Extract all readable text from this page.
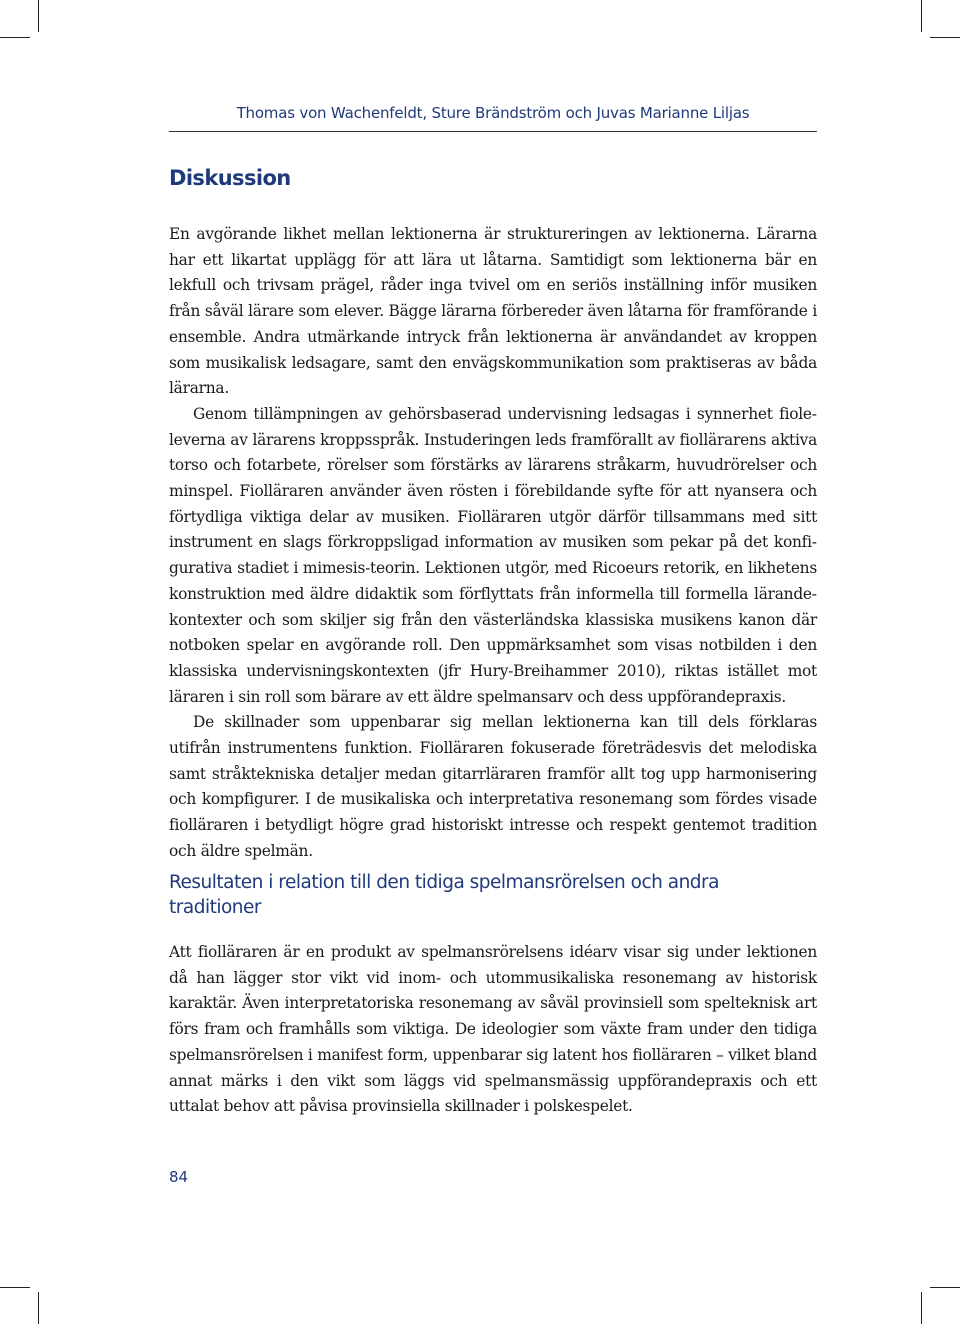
Thomas von Wachenfeldt, Sture Brändström och Juvas Marianne Liljas
Diskussion

En avgörande likhet mellan lektionerna är struktureringen av lektionerna. Lärarna har ett likartat upplägg för att lära ut låtarna. Samtidigt som lektionerna bär en lekfull och trivsam prägel, råder inga tvivel om en seriös inställning inför musiken från såväl lärare som elever. Bägge lärarna förbereder även låtarna för framförande i ensemble. Andra utmärkande intryck från lektionerna är användandet av kroppen som musikalisk ledsagare, samt den envägskommunikation som praktiseras av båda lärarna.

Genom tillämpningen av gehörsbaserad undervisning ledsagas i synnerhet fioleleverna av lärarens kroppsspråk. Instuderingen leds framförallt av fiollärarens aktiva torso och fotarbete, rörelser som förstärks av lärarens stråkarm, huvudrörelser och minspel. Fiolläraren använder även rösten i förebildande syfte för att nyansera och förtydliga viktiga delar av musiken. Fiolläraren utgör därför tillsammans med sitt instrument en slags förkroppsligad information av musiken som pekar på det konfigurativa stadiet i mimesis-teorin. Lektionen utgör, med Ricoeurs retorik, en likhetens konstruktion med äldre didaktik som förflyttats från informella till formella lärandekontexter och som skiljer sig från den västerländska klassiska musikens kanon där notboken spelar en avgörande roll. Den uppmärksamhet som visas notbilden i den klassiska undervisningskontexten (jfr Hury-Breihammer 2010), riktas istället mot läraren i sin roll som bärare av ett äldre spelmansarv och dess uppförandepraxis.

De skillnader som uppenbarar sig mellan lektionerna kan till dels förklaras utifrån instrumentens funktion. Fiolläraren fokuserade företrädesvis det melodiska samt stråktekniska detaljer medan gitarrläraren framför allt tog upp harmonisering och kompfigurer. I de musikaliska och interpretativa resonemang som fördes visade fiolläraren i betydligt högre grad historiskt intresse och respekt gentemot tradition och äldre spelmän.

Resultaten i relation till den tidiga spelmansrörelsen och andra traditioner

Att fiolläraren är en produkt av spelmansrörelsens idéarv visar sig under lektionen då han lägger stor vikt vid inom- och utommusikaliska resonemang av historisk karaktär. Även interpretatoriska resonemang av såväl provinsiell som spelteknisk art förs fram och framhålls som viktiga. De ideologier som växte fram under den tidiga spelmansrörelsen i manifest form, uppenbarar sig latent hos fiolläraren – vilket bland annat märks i den vikt som läggs vid spelmansmässig uppförandepraxis och ett uttalat behov att påvisa provinsiella skillnader i polskespelet.

84
